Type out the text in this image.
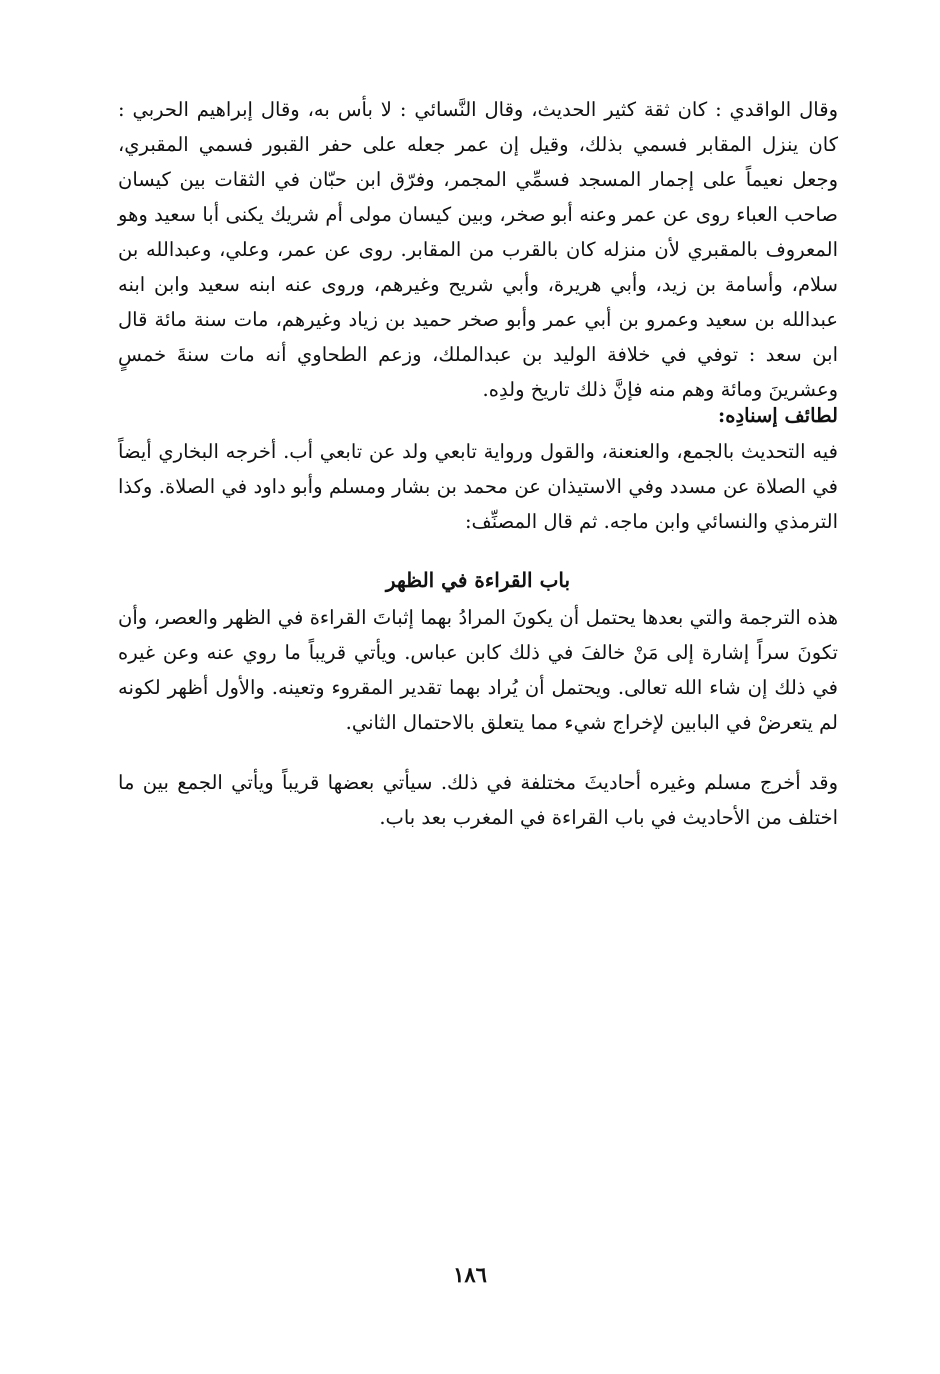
وقال الواقدي : كان ثقة كثير الحديث، وقال النَّسائي : لا بأس به، وقال إبراهيم الحربي : كان ينزل المقابر فسمي بذلك، وقيل إن عمر جعله على حفر القبور فسمي المقبري، وجعل نعيماً على إجمار المسجد فسمِّي المجمر، وفرّق ابن حبّان في الثقات بين كيسان صاحب العباء روى عن عمر وعنه أبو صخر، وبين كيسان مولى أم شريك يكنى أبا سعيد وهو المعروف بالمقبري لأن منزله كان بالقرب من المقابر. روى عن عمر، وعلي، وعبدالله بن سلام، وأسامة بن زيد، وأبي هريرة، وأبي شريح وغيرهم، وروى عنه ابنه سعيد وابن ابنه عبدالله بن سعيد وعمرو بن أبي عمر وأبو صخر حميد بن زياد وغيرهم، مات سنة مائة قال ابن سعد : توفي في خلافة الوليد بن عبدالملك، وزعم الطحاوي أنه مات سنةَ خمسٍ وعشرينَ ومائة وهم منه فإنَّ ذلك تاريخ ولدِه.

لطائف إسنادِه:

فيه التحديث بالجمع، والعنعنة، والقول ورواية تابعي ولد عن تابعي أب. أخرجه البخاري أيضاً في الصلاة عن مسدد وفي الاستيذان عن محمد بن بشار ومسلم وأبو داود في الصلاة. وكذا الترمذي والنسائي وابن ماجه. ثم قال المصنِّف:

باب القراءة في الظهر

هذه الترجمة والتي بعدها يحتمل أن يكونَ المرادُ بهما إثباتَ القراءة في الظهر والعصر، وأن تكونَ سراً إشارة إلى مَنْ خالفَ في ذلك كابن عباس. ويأتي قريباً ما روي عنه وعن غيره في ذلك إن شاء الله تعالى. ويحتمل أن يُراد بهما تقدير المقروء وتعينه. والأول أظهر لكونه لم يتعرضْ في البابين لإخراج شيء مما يتعلق بالاحتمال الثاني.

وقد أخرج مسلم وغيره أحاديثَ مختلفة في ذلك. سيأتي بعضها قريباً ويأتي الجمع بين ما اختلف من الأحاديث في باب القراءة في المغرب بعد باب.

١٨٦
